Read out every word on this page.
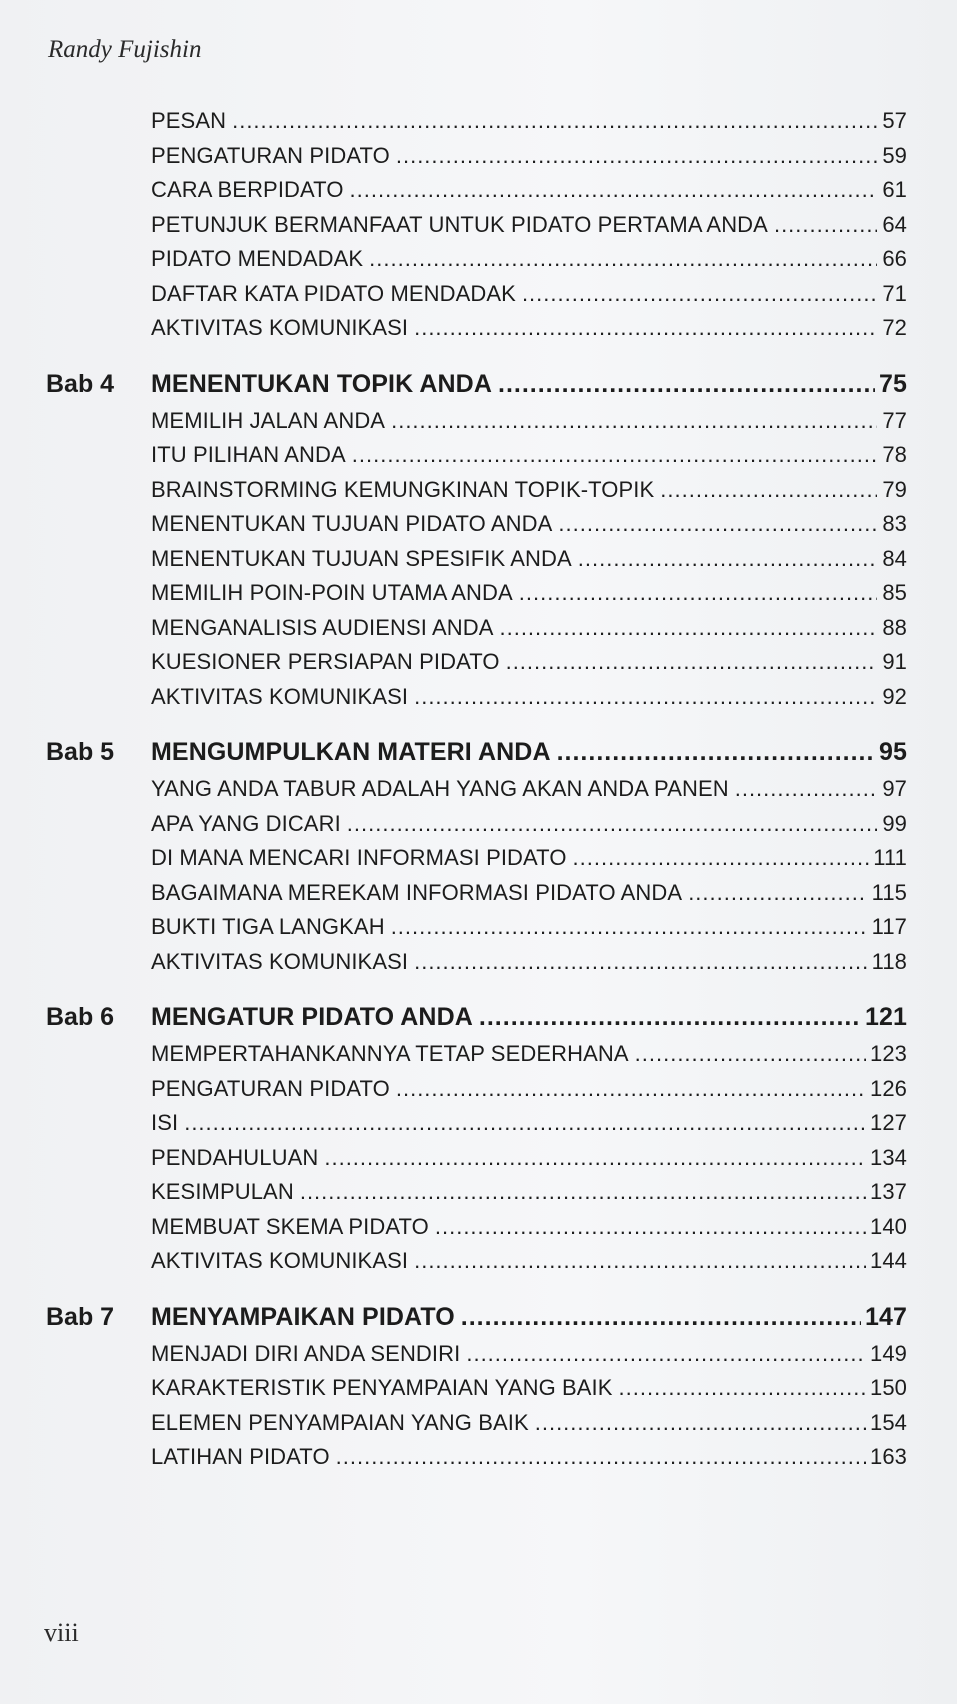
Randy Fujishin
PESAN .....	57
PENGATURAN PIDATO .....	59
CARA BERPIDATO .....	61
PETUNJUK BERMANFAAT UNTUK PIDATO PERTAMA ANDA .....	64
PIDATO MENDADAK .....	66
DAFTAR KATA PIDATO MENDADAK .....	71
AKTIVITAS KOMUNIKASI .....	72
Bab 4	MENENTUKAN TOPIK ANDA .....	75
MEMILIH JALAN ANDA .....	77
ITU PILIHAN ANDA .....	78
BRAINSTORMING KEMUNGKINAN TOPIK-TOPIK .....	79
MENENTUKAN TUJUAN PIDATO ANDA .....	83
MENENTUKAN TUJUAN SPESIFIK ANDA .....	84
MEMILIH POIN-POIN UTAMA ANDA .....	85
MENGANALISIS AUDIENSI ANDA .....	88
KUESIONER PERSIAPAN PIDATO .....	91
AKTIVITAS KOMUNIKASI .....	92
Bab 5	MENGUMPULKAN MATERI ANDA .....	95
YANG ANDA TABUR ADALAH YANG AKAN ANDA PANEN .....	97
APA YANG DICARI .....	99
DI MANA MENCARI INFORMASI PIDATO .....	111
BAGAIMANA MEREKAM INFORMASI PIDATO ANDA .....	115
BUKTI TIGA LANGKAH .....	117
AKTIVITAS KOMUNIKASI .....	118
Bab 6	MENGATUR PIDATO ANDA .....	121
MEMPERTAHANKANNYA TETAP SEDERHANA .....	123
PENGATURAN PIDATO .....	126
ISI .....	127
PENDAHULUAN .....	134
KESIMPULAN .....	137
MEMBUAT SKEMA PIDATO .....	140
AKTIVITAS KOMUNIKASI .....	144
Bab 7	MENYAMPAIKAN PIDATO .....	147
MENJADI DIRI ANDA SENDIRI .....	149
KARAKTERISTIK PENYAMPAIAN YANG BAIK .....	150
ELEMEN PENYAMPAIAN YANG BAIK .....	154
LATIHAN PIDATO .....	163
viii
